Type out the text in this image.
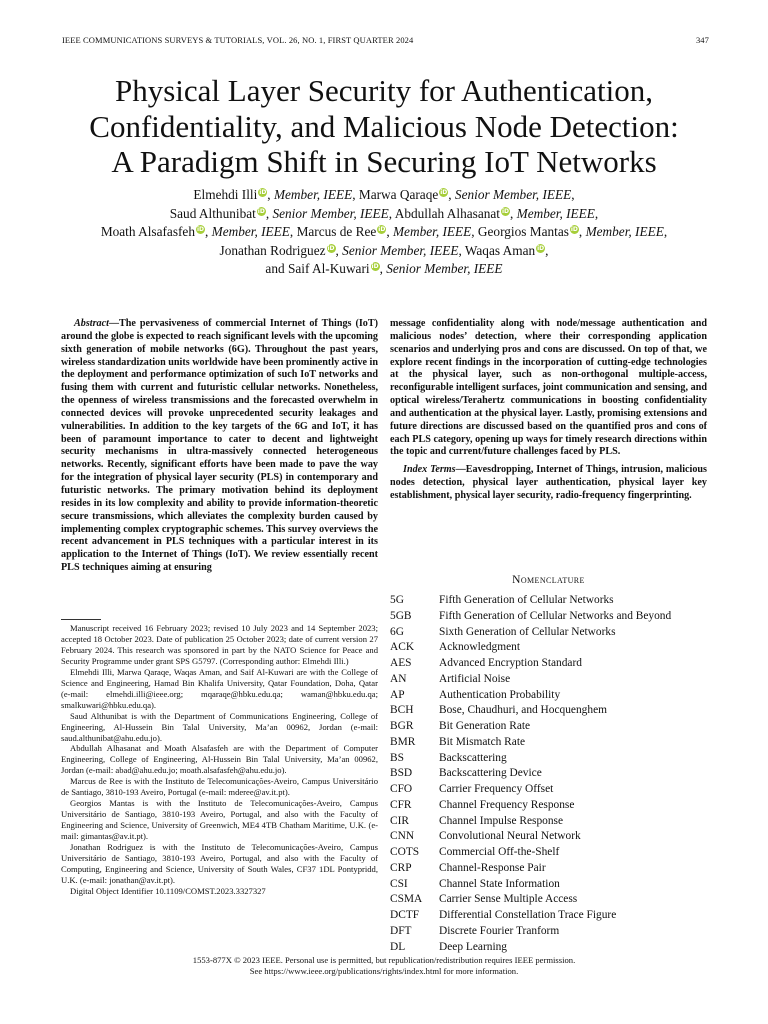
IEEE COMMUNICATIONS SURVEYS & TUTORIALS, VOL. 26, NO. 1, FIRST QUARTER 2024	347
Physical Layer Security for Authentication,
Confidentiality, and Malicious Node Detection:
A Paradigm Shift in Securing IoT Networks
Elmehdi Illi iD, Member, IEEE, Marwa Qaraqe iD, Senior Member, IEEE,
Saud Althunibat iD, Senior Member, IEEE, Abdullah Alhasanat iD, Member, IEEE,
Moath Alsafasfeh iD, Member, IEEE, Marcus de Ree iD, Member, IEEE, Georgios Mantas iD, Member, IEEE,
Jonathan Rodriguez iD, Senior Member, IEEE, Waqas Aman iD,
and Saif Al-Kuwari iD, Senior Member, IEEE

Abstract—The pervasiveness of commercial Internet of Things (IoT) around the globe is expected to reach significant levels with the upcoming sixth generation of mobile networks (6G). Throughout the past years, wireless standardization units worldwide have been prominently active in the deployment and performance optimization of such IoT networks and fusing them with current and futuristic cellular networks. Nonetheless, the openness of wireless transmissions and the forecasted overwhelm in connected devices will provoke unprecedented security leakages and vulnerabilities. In addition to the key targets of the 6G and IoT, it has been of paramount importance to cater to decent and lightweight security mechanisms in ultra-massively connected heterogeneous networks. Recently, significant efforts have been made to pave the way for the integration of physical layer security (PLS) in contemporary and futuristic networks. The primary motivation behind its deployment resides in its low complexity and ability to provide information-theoretic secure transmissions, which alleviates the complexity burden caused by implementing complex cryptographic schemes. This survey overviews the recent advancement in PLS techniques with a particular interest in its application to the Internet of Things (IoT). We review essentially recent PLS techniques aiming at ensuring

message confidentiality along with node/message authentication and malicious nodes’ detection, where their corresponding application scenarios and underlying pros and cons are discussed. On top of that, we explore recent findings in the incorporation of cutting-edge technologies at the physical layer, such as non-orthogonal multiple-access, reconfigurable intelligent surfaces, joint communication and sensing, and optical wireless/Terahertz communications in boosting confidentiality and authentication at the physical layer. Lastly, promising extensions and future directions are discussed based on the quantified pros and cons of each PLS category, opening up ways for timely research directions within the topic and current/future challenges faced by PLS.

Index Terms—Eavesdropping, Internet of Things, intrusion, malicious nodes detection, physical layer authentication, physical layer key establishment, physical layer security, radio-frequency fingerprinting.

Manuscript received 16 February 2023; revised 10 July 2023 and 14 September 2023; accepted 18 October 2023. Date of publication 25 October 2023; date of current version 27 February 2024. This research was sponsored in part by the NATO Science for Peace and Security Programme under grant SPS G5797. (Corresponding author: Elmehdi Illi.)

Elmehdi Illi, Marwa Qaraqe, Waqas Aman, and Saif Al-Kuwari are with the College of Science and Engineering, Hamad Bin Khalifa University, Qatar Foundation, Doha, Qatar (e-mail: elmehdi.illi@ieee.org; mqaraqe@hbku.edu.qa; waman@hbku.edu.qa; smalkuwari@hbku.edu.qa).

Saud Althunibat is with the Department of Communications Engineering, College of Engineering, Al-Hussein Bin Talal University, Ma’an 00962, Jordan (e-mail: saud.althunibat@ahu.edu.jo).

Abdullah Alhasanat and Moath Alsafasfeh are with the Department of Computer Engineering, College of Engineering, Al-Hussein Bin Talal University, Ma’an 00962, Jordan (e-mail: abad@ahu.edu.jo; moath.alsafasfeh@ahu.edu.jo).

Marcus de Ree is with the Instituto de Telecomunicações-Aveiro, Campus Universitário de Santiago, 3810-193 Aveiro, Portugal (e-mail: mderee@av.it.pt).

Georgios Mantas is with the Instituto de Telecomunicações-Aveiro, Campus Universitário de Santiago, 3810-193 Aveiro, Portugal, and also with the Faculty of Engineering and Science, University of Greenwich, ME4 4TB Chatham Maritime, U.K. (e-mail: gimantas@av.it.pt).

Jonathan Rodriguez is with the Instituto de Telecomunicações-Aveiro, Campus Universitário de Santiago, 3810-193 Aveiro, Portugal, and also with the Faculty of Computing, Engineering and Science, University of South Wales, CF37 1DL Pontypridd, U.K. (e-mail: jonathan@av.it.pt).

Digital Object Identifier 10.1109/COMST.2023.3327327

Nomenclature
5G	Fifth Generation of Cellular Networks
5GB	Fifth Generation of Cellular Networks and Beyond
6G	Sixth Generation of Cellular Networks
ACK	Acknowledgment
AES	Advanced Encryption Standard
AN	Artificial Noise
AP	Authentication Probability
BCH	Bose, Chaudhuri, and Hocquenghem
BGR	Bit Generation Rate
BMR	Bit Mismatch Rate
BS	Backscattering
BSD	Backscattering Device
CFO	Carrier Frequency Offset
CFR	Channel Frequency Response
CIR	Channel Impulse Response
CNN	Convolutional Neural Network
COTS	Commercial Off-the-Shelf
CRP	Channel-Response Pair
CSI	Channel State Information
CSMA	Carrier Sense Multiple Access
DCTF	Differential Constellation Trace Figure
DFT	Discrete Fourier Tranform
DL	Deep Learning
1553-877X © 2023 IEEE. Personal use is permitted, but republication/redistribution requires IEEE permission.
See https://www.ieee.org/publications/rights/index.html for more information.
